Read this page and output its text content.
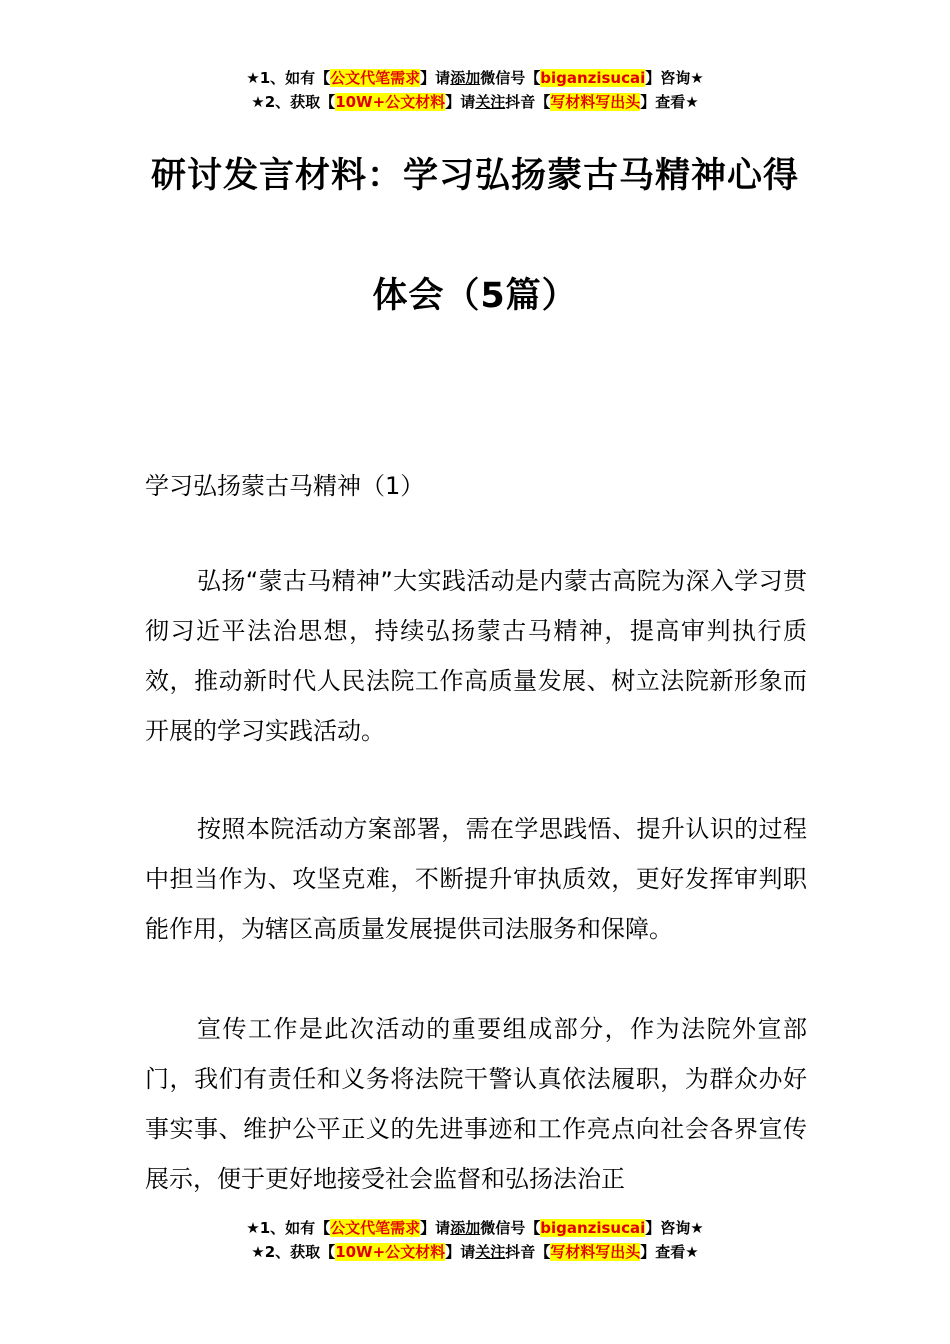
★1、如有【公文代笔需求】请添加微信号【biganzisucai】咨询★
★2、获取【10W+公文材料】请关注抖音【写材料写出头】查看★
研讨发言材料：学习弘扬蒙古马精神心得
体会（5篇）
学习弘扬蒙古马精神（1）

弘扬“蒙古马精神”大实践活动是内蒙古高院为深入学习贯彻习近平法治思想，持续弘扬蒙古马精神，提高审判执行质效，推动新时代人民法院工作高质量发展、树立法院新形象而开展的学习实践活动。

按照本院活动方案部署，需在学思践悟、提升认识的过程中担当作为、攻坚克难，不断提升审执质效，更好发挥审判职能作用，为辖区高质量发展提供司法服务和保障。

宣传工作是此次活动的重要组成部分，作为法院外宣部门，我们有责任和义务将法院干警认真依法履职，为群众办好事实事、维护公平正义的先进事迹和工作亮点向社会各界宣传展示，便于更好地接受社会监督和弘扬法治正

★1、如有【公文代笔需求】请添加微信号【biganzisucai】咨询★
★2、获取【10W+公文材料】请关注抖音【写材料写出头】查看★
